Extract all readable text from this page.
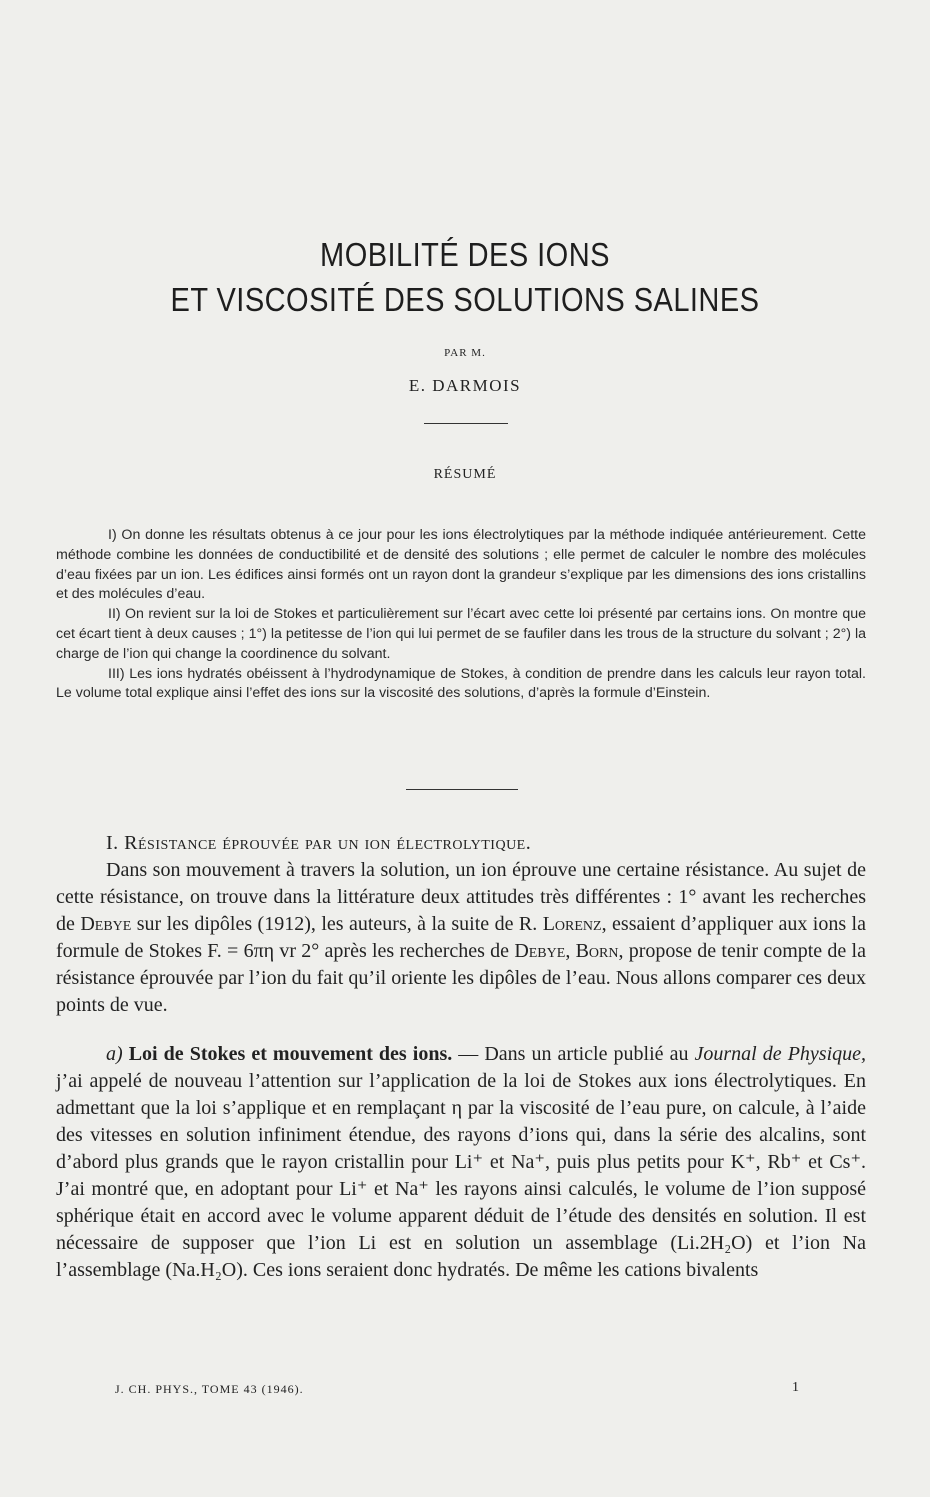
MOBILITÉ DES IONS
ET VISCOSITÉ DES SOLUTIONS SALINES
PAR M.
E. DARMOIS
RÉSUMÉ

I) On donne les résultats obtenus à ce jour pour les ions électrolytiques par la méthode indiquée antérieurement. Cette méthode combine les données de conductibilité et de densité des solutions ; elle permet de calculer le nombre des molécules d’eau fixées par un ion. Les édifices ainsi formés ont un rayon dont la grandeur s’explique par les dimensions des ions cristallins et des molécules d’eau.

II) On revient sur la loi de Stokes et particulièrement sur l’écart avec cette loi présenté par certains ions. On montre que cet écart tient à deux causes ; 1°) la petitesse de l’ion qui lui permet de se faufiler dans les trous de la structure du solvant ; 2°) la charge de l’ion qui change la coordinence du solvant.

III) Les ions hydratés obéissent à l’hydrodynamique de Stokes, à condition de prendre dans les calculs leur rayon total. Le volume total explique ainsi l’effet des ions sur la viscosité des solutions, d’après la formule d’Einstein.

I. Résistance éprouvée par un ion électrolytique.

Dans son mouvement à travers la solution, un ion éprouve une certaine résistance. Au sujet de cette résistance, on trouve dans la littérature deux attitudes très différentes : 1° avant les recherches de Debye sur les dipôles (1912), les auteurs, à la suite de R. Lorenz, essaient d’appliquer aux ions la formule de Stokes F. = 6πη vr 2° après les recherches de Debye, Born, propose de tenir compte de la résistance éprouvée par l’ion du fait qu’il oriente les dipôles de l’eau. Nous allons comparer ces deux points de vue.

a) Loi de Stokes et mouvement des ions. — Dans un article publié au Journal de Physique, j’ai appelé de nouveau l’attention sur l’application de la loi de Stokes aux ions électrolytiques. En admettant que la loi s’applique et en remplaçant η par la viscosité de l’eau pure, on calcule, à l’aide des vitesses en solution infiniment étendue, des rayons d’ions qui, dans la série des alcalins, sont d’abord plus grands que le rayon cristallin pour Li⁺ et Na⁺, puis plus petits pour K⁺, Rb⁺ et Cs⁺. J’ai montré que, en adoptant pour Li⁺ et Na⁺ les rayons ainsi calculés, le volume de l’ion supposé sphérique était en accord avec le volume apparent déduit de l’étude des densités en solution. Il est nécessaire de supposer que l’ion Li est en solution un assemblage (Li.2H₂O) et l’ion Na l’assemblage (Na.H₂O). Ces ions seraient donc hydratés. De même les cations bivalents

J. CH. PHYS., TOME 43 (1946).	1
